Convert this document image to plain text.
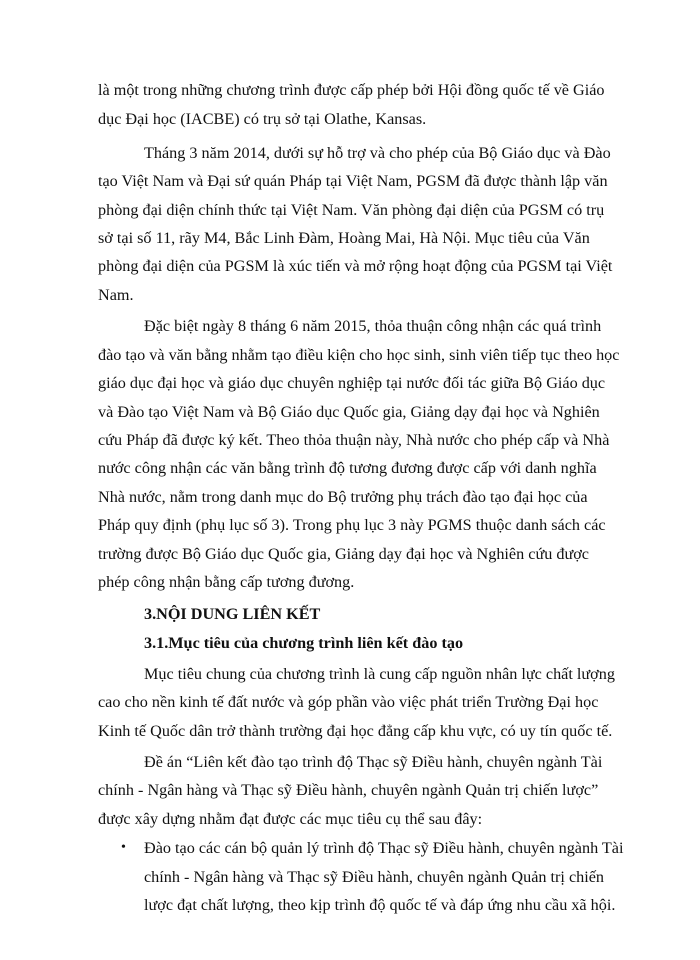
là một trong những chương trình được cấp phép bởi Hội đồng quốc tế về Giáo
dục Đại học (IACBE) có trụ sở tại Olathe, Kansas.
Tháng 3 năm 2014, dưới sự hỗ trợ và cho phép của Bộ Giáo dục và Đào
tạo Việt Nam và Đại sứ quán Pháp tại Việt Nam, PGSM đã được thành lập văn
phòng đại diện chính thức tại Việt Nam. Văn phòng đại diện của PGSM có trụ
sở tại số 11, rãy M4, Bắc Linh Đàm, Hoàng Mai, Hà Nội. Mục tiêu của Văn
phòng đại diện của PGSM là xúc tiến và mở rộng hoạt động của PGSM tại Việt
Nam.
Đặc biệt ngày 8 tháng 6 năm 2015, thỏa thuận công nhận các quá trình
đào tạo và văn bằng nhằm tạo điều kiện cho học sinh, sinh viên tiếp tục theo học
giáo dục đại học và giáo dục chuyên nghiệp tại nước đối tác giữa Bộ Giáo dục
và Đào tạo Việt Nam và Bộ Giáo dục Quốc gia, Giảng dạy đại học và Nghiên
cứu Pháp đã được ký kết. Theo thỏa thuận này, Nhà nước cho phép cấp và Nhà
nước công nhận các văn bằng trình độ tương đương được cấp với danh nghĩa
Nhà nước, nằm trong danh mục do Bộ trưởng phụ trách đào tạo đại học của
Pháp quy định (phụ lục số 3). Trong phụ lục 3 này PGMS thuộc danh sách các
trường được Bộ Giáo dục Quốc gia, Giảng dạy đại học và Nghiên cứu được
phép công nhận bằng cấp tương đương.
3.NỘI DUNG LIÊN KẾT
3.1.Mục tiêu của chương trình liên kết đào tạo
Mục tiêu chung của chương trình là cung cấp nguồn nhân lực chất lượng
cao cho nền kinh tế đất nước và góp phần vào việc phát triển Trường Đại học
Kinh tế Quốc dân trở thành trường đại học đẳng cấp khu vực, có uy tín quốc tế.
Đề án “Liên kết đào tạo trình độ Thạc sỹ Điều hành, chuyên ngành Tài
chính - Ngân hàng và Thạc sỹ Điều hành, chuyên ngành Quản trị chiến lược”
được xây dựng nhằm đạt được các mục tiêu cụ thể sau đây:
• Đào tạo các cán bộ quản lý trình độ Thạc sỹ Điều hành, chuyên ngành Tài
chính - Ngân hàng và Thạc sỹ Điều hành, chuyên ngành Quản trị chiến
lược đạt chất lượng, theo kịp trình độ quốc tế và đáp ứng nhu cầu xã hội.
